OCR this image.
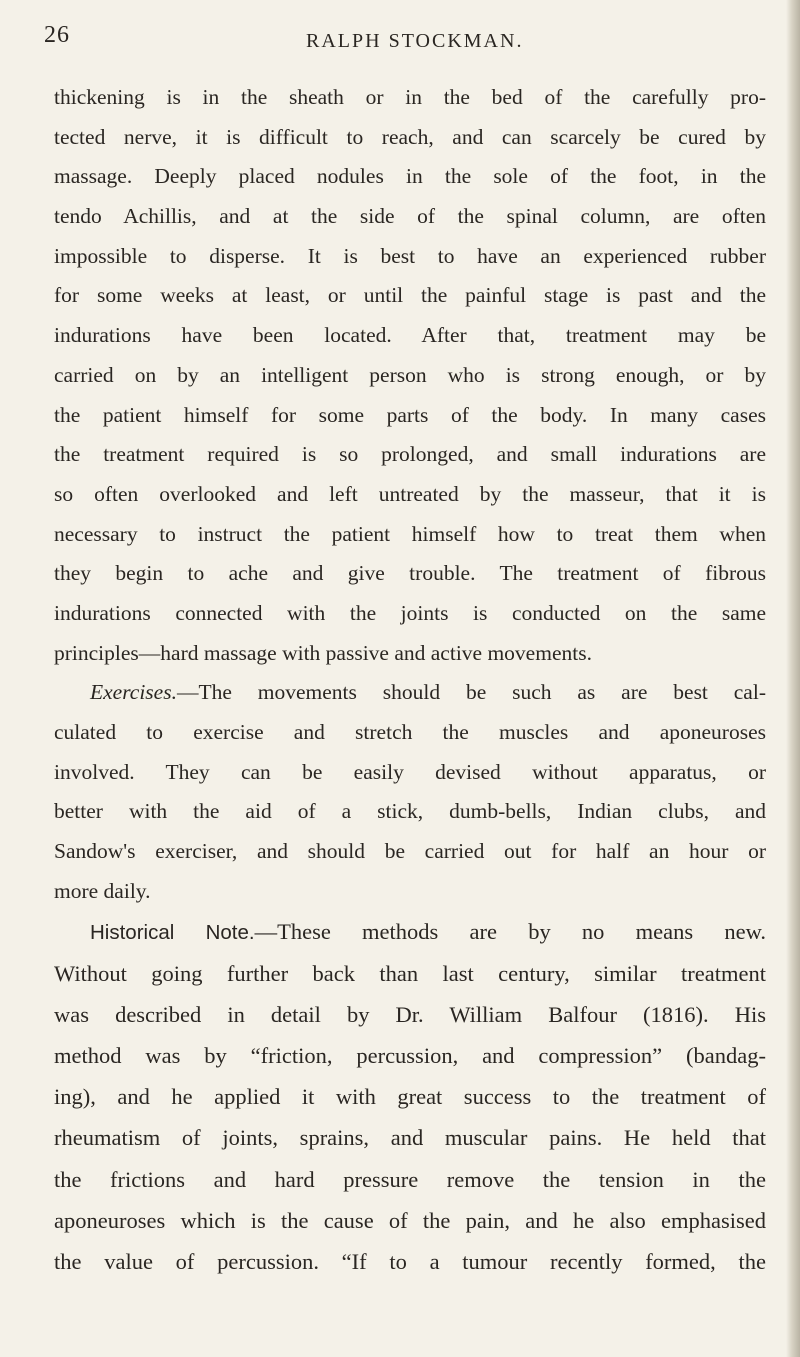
26	RALPH STOCKMAN.
thickening is in the sheath or in the bed of the carefully pro-
tected nerve, it is difficult to reach, and can scarcely be cured by
massage. Deeply placed nodules in the sole of the foot, in the
tendo Achillis, and at the side of the spinal column, are often
impossible to disperse. It is best to have an experienced rubber
for some weeks at least, or until the painful stage is past and the
indurations have been located. After that, treatment may be
carried on by an intelligent person who is strong enough, or by
the patient himself for some parts of the body. In many cases
the treatment required is so prolonged, and small indurations are
so often overlooked and left untreated by the masseur, that it is
necessary to instruct the patient himself how to treat them when
they begin to ache and give trouble. The treatment of fibrous
indurations connected with the joints is conducted on the same
principles—hard massage with passive and active movements.
Exercises.—The movements should be such as are best cal-
culated to exercise and stretch the muscles and aponeuroses
involved. They can be easily devised without apparatus, or
better with the aid of a stick, dumb-bells, Indian clubs, and
Sandow's exerciser, and should be carried out for half an hour or
more daily.
Historical Note.—These methods are by no means new.
Without going further back than last century, similar treatment
was described in detail by Dr. William Balfour (1816). His
method was by “friction, percussion, and compression” (bandag-
ing), and he applied it with great success to the treatment of
rheumatism of joints, sprains, and muscular pains. He held that
the frictions and hard pressure remove the tension in the
aponeuroses which is the cause of the pain, and he also emphasised
the value of percussion. “If to a tumour recently formed, the
